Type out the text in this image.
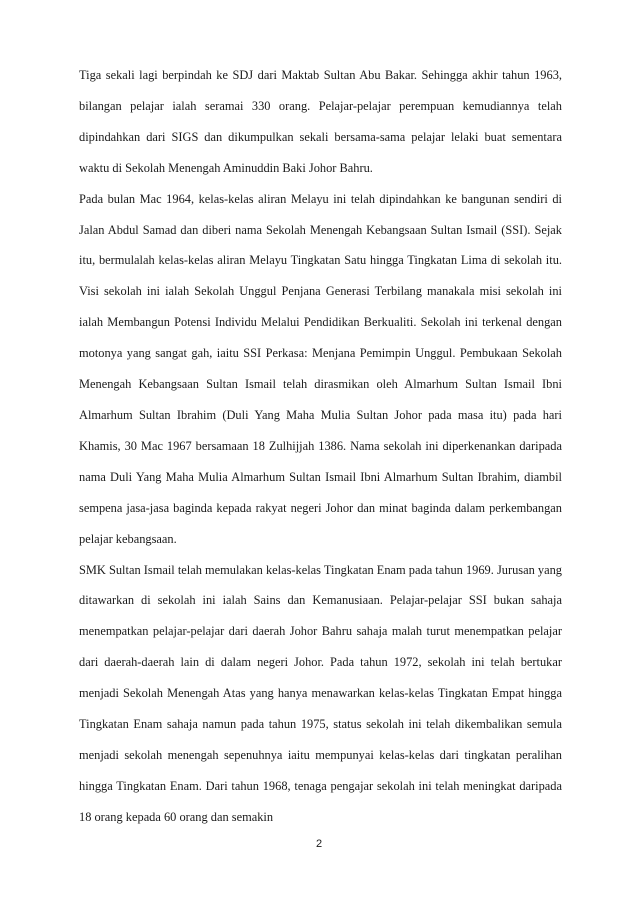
Tiga sekali lagi berpindah ke SDJ dari Maktab Sultan Abu Bakar. Sehingga akhir tahun 1963, bilangan pelajar ialah seramai 330 orang. Pelajar-pelajar perempuan kemudiannya telah dipindahkan dari SIGS dan dikumpulkan sekali bersama-sama pelajar lelaki buat sementara waktu di Sekolah Menengah Aminuddin Baki Johor Bahru.

Pada bulan Mac 1964, kelas-kelas aliran Melayu ini telah dipindahkan ke bangunan sendiri di Jalan Abdul Samad dan diberi nama Sekolah Menengah Kebangsaan Sultan Ismail (SSI). Sejak itu, bermulalah kelas-kelas aliran Melayu Tingkatan Satu hingga Tingkatan Lima di sekolah itu. Visi sekolah ini ialah Sekolah Unggul Penjana Generasi Terbilang manakala misi sekolah ini ialah Membangun Potensi Individu Melalui Pendidikan Berkualiti. Sekolah ini terkenal dengan motonya yang sangat gah, iaitu SSI Perkasa: Menjana Pemimpin Unggul. Pembukaan Sekolah Menengah Kebangsaan Sultan Ismail telah dirasmikan oleh Almarhum Sultan Ismail Ibni Almarhum Sultan Ibrahim (Duli Yang Maha Mulia Sultan Johor pada masa itu) pada hari Khamis, 30 Mac 1967 bersamaan 18 Zulhijjah 1386. Nama sekolah ini diperkenankan daripada nama Duli Yang Maha Mulia Almarhum Sultan Ismail Ibni Almarhum Sultan Ibrahim, diambil sempena jasa-jasa baginda kepada rakyat negeri Johor dan minat baginda dalam perkembangan pelajar kebangsaan.

SMK Sultan Ismail telah memulakan kelas-kelas Tingkatan Enam pada tahun 1969. Jurusan yang ditawarkan di sekolah ini ialah Sains dan Kemanusiaan. Pelajar-pelajar SSI bukan sahaja menempatkan pelajar-pelajar dari daerah Johor Bahru sahaja malah turut menempatkan pelajar dari daerah-daerah lain di dalam negeri Johor. Pada tahun 1972, sekolah ini telah bertukar menjadi Sekolah Menengah Atas yang hanya menawarkan kelas-kelas Tingkatan Empat hingga Tingkatan Enam sahaja namun pada tahun 1975, status sekolah ini telah dikembalikan semula menjadi sekolah menengah sepenuhnya iaitu mempunyai kelas-kelas dari tingkatan peralihan hingga Tingkatan Enam. Dari tahun 1968, tenaga pengajar sekolah ini telah meningkat daripada 18 orang kepada 60 orang dan semakin

2
